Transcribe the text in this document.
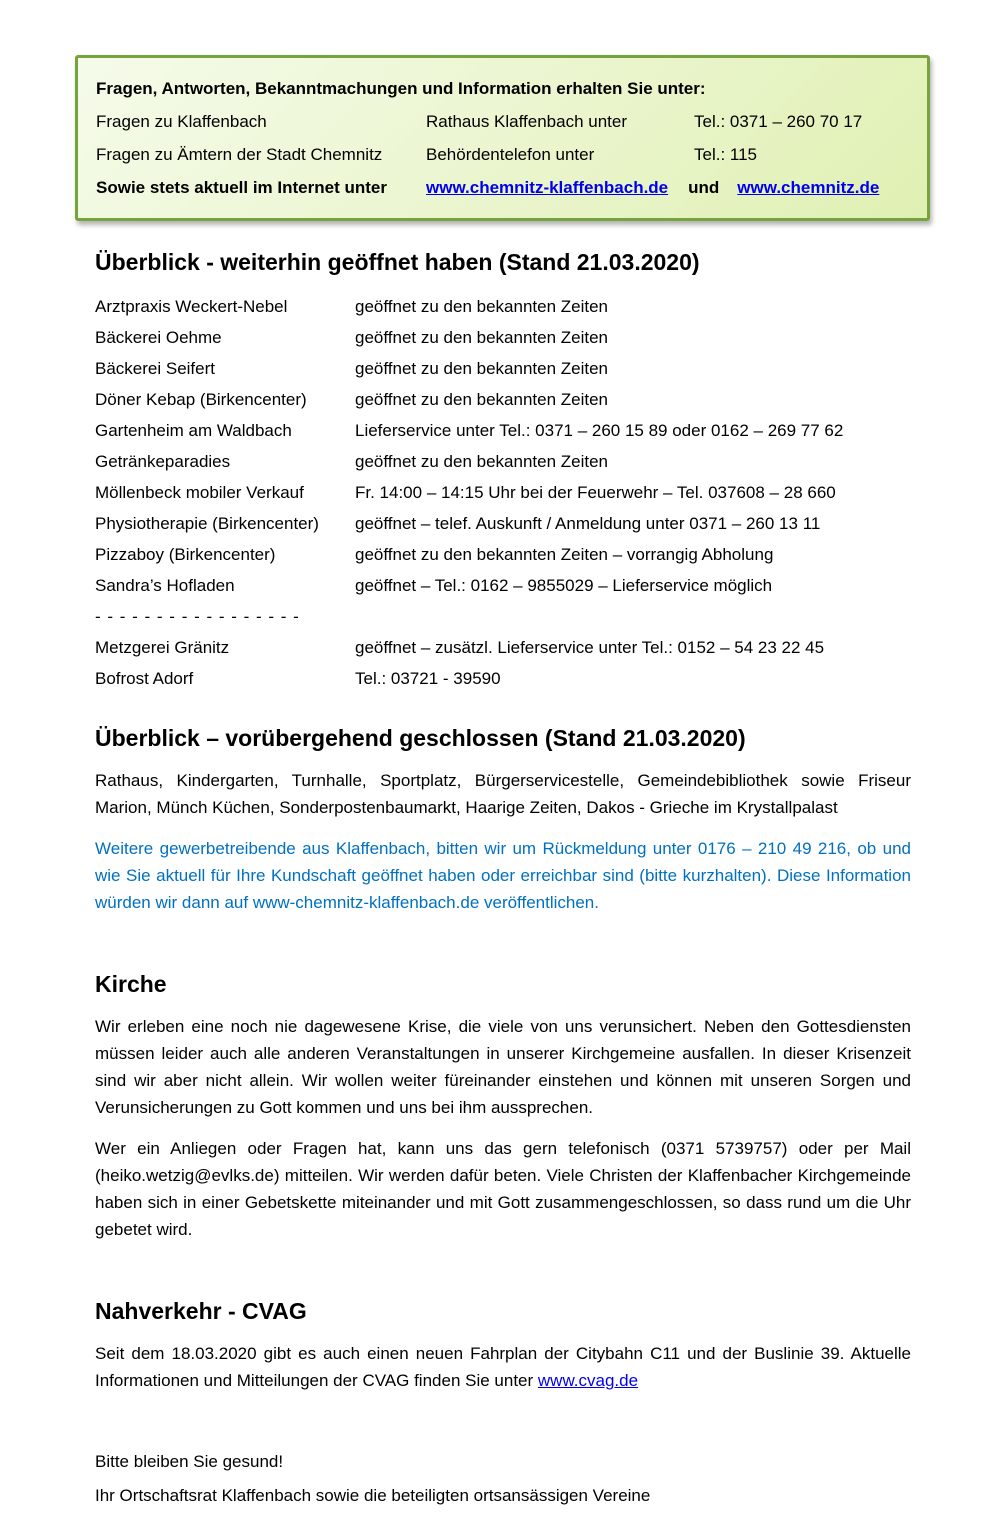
Fragen, Antworten, Bekanntmachungen und Information erhalten Sie unter:
Fragen zu Klaffenbach	Rathaus Klaffenbach unter	Tel.: 0371 – 260 70 17
Fragen zu Ämtern der Stadt Chemnitz	Behördentelefon unter	Tel.: 115
Sowie stets aktuell im Internet unter	www.chemnitz-klaffenbach.de und www.chemnitz.de
Überblick - weiterhin geöffnet haben (Stand 21.03.2020)
Arztpraxis Weckert-Nebel	geöffnet zu den bekannten Zeiten
Bäckerei Oehme	geöffnet zu den bekannten Zeiten
Bäckerei Seifert	geöffnet zu den bekannten Zeiten
Döner Kebap (Birkencenter)	geöffnet zu den bekannten Zeiten
Gartenheim am Waldbach	Lieferservice unter Tel.: 0371 – 260 15 89 oder 0162 – 269 77 62
Getränkeparadies	geöffnet zu den bekannten Zeiten
Möllenbeck mobiler Verkauf	Fr. 14:00 – 14:15 Uhr bei der Feuerwehr – Tel. 037608 – 28 660
Physiotherapie (Birkencenter)	geöffnet – telef. Auskunft / Anmeldung unter 0371 – 260 13 11
Pizzaboy (Birkencenter)	geöffnet zu den bekannten Zeiten – vorrangig Abholung
Sandra’s Hofladen	geöffnet – Tel.: 0162 – 9855029 – Lieferservice möglich
- - - - - - - - - - - - - - - - -
Metzgerei Gränitz	geöffnet – zusätzl. Lieferservice unter Tel.: 0152 – 54 23 22 45
Bofrost Adorf	Tel.: 03721 - 39590
Überblick – vorübergehend geschlossen (Stand 21.03.2020)

Rathaus, Kindergarten, Turnhalle, Sportplatz, Bürgerservicestelle, Gemeindebibliothek sowie Friseur Marion, Münch Küchen, Sonderpostenbaumarkt, Haarige Zeiten, Dakos - Grieche im Krystallpalast

Weitere gewerbetreibende aus Klaffenbach, bitten wir um Rückmeldung unter 0176 – 210 49 216, ob und wie Sie aktuell für Ihre Kundschaft geöffnet haben oder erreichbar sind (bitte kurzhalten). Diese Information würden wir dann auf www-chemnitz-klaffenbach.de veröffentlichen.

Kirche

Wir erleben eine noch nie dagewesene Krise, die viele von uns verunsichert. Neben den Gottesdiensten müssen leider auch alle anderen Veranstaltungen in unserer Kirchgemeine ausfallen. In dieser Krisenzeit sind wir aber nicht allein. Wir wollen weiter füreinander einstehen und können mit unseren Sorgen und Verunsicherungen zu Gott kommen und uns bei ihm aussprechen.

Wer ein Anliegen oder Fragen hat, kann uns das gern telefonisch (0371 5739757) oder per Mail (heiko.wetzig@evlks.de) mitteilen. Wir werden dafür beten. Viele Christen der Klaffenbacher Kirchgemeinde haben sich in einer Gebetskette miteinander und mit Gott zusammengeschlossen, so dass rund um die Uhr gebetet wird.

Nahverkehr - CVAG

Seit dem 18.03.2020 gibt es auch einen neuen Fahrplan der Citybahn C11 und der Buslinie 39. Aktuelle Informationen und Mitteilungen der CVAG finden Sie unter www.cvag.de

Bitte bleiben Sie gesund!
Ihr Ortschaftsrat Klaffenbach sowie die beteiligten ortsansässigen Vereine
